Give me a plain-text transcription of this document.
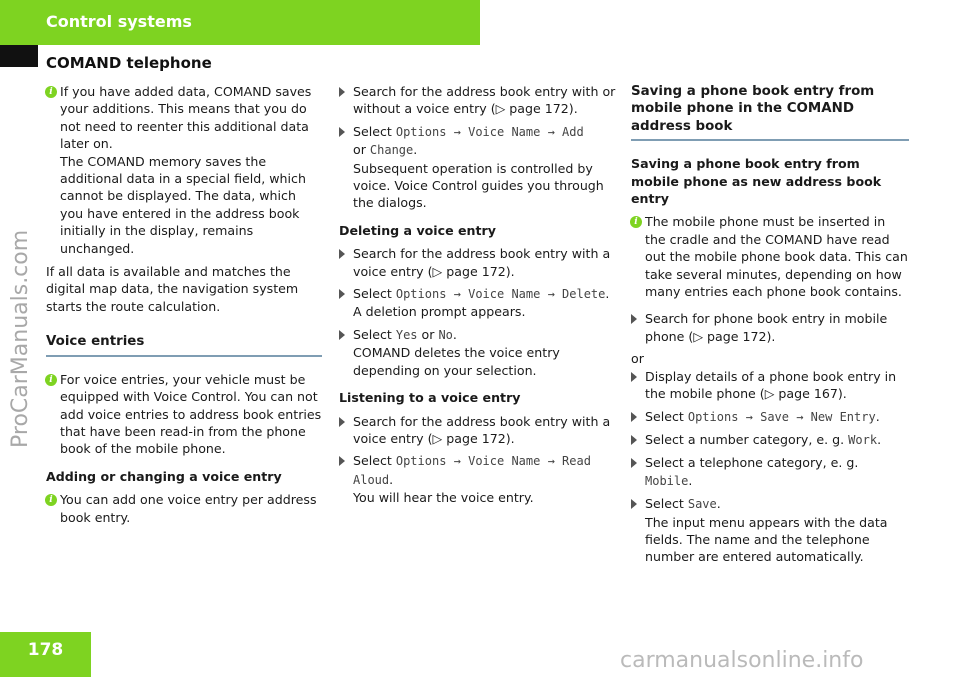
Control systems
COMAND telephone
i If you have added data, COMAND saves your additions. This means that you do not need to reenter this additional data later on.

The COMAND memory saves the additional data in a special field, which cannot be displayed. The data, which you have entered in the address book initially in the display, remains unchanged.

If all data is available and matches the digital map data, the navigation system starts the route calculation.

Voice entries
i For voice entries, your vehicle must be equipped with Voice Control. You can not add voice entries to address book entries that have been read-in from the phone book of the mobile phone.

Adding or changing a voice entry
i You can add one voice entry per address book entry.

Search for the address book entry with or without a voice entry (▷ page 172).

Select Options → Voice Name → Add

or Change.

Subsequent operation is controlled by voice. Voice Control guides you through the dialogs.

Deleting a voice entry

Search for the address book entry with a voice entry (▷ page 172).

Select Options → Voice Name → Delete.

A deletion prompt appears.

Select Yes or No.

COMAND deletes the voice entry depending on your selection.

Listening to a voice entry

Search for the address book entry with a voice entry (▷ page 172).

Select Options → Voice Name → Read Aloud.

You will hear the voice entry.

Saving a phone book entry from mobile phone in the COMAND address book
Saving a phone book entry from mobile phone as new address book entry
i The mobile phone must be inserted in the cradle and the COMAND have read out the mobile phone book data. This can take several minutes, depending on how many entries each phone book contains.

Search for phone book entry in mobile phone (▷ page 172).

or

Display details of a phone book entry in the mobile phone (▷ page 167).

Select Options → Save → New Entry.

Select a number category, e. g. Work.

Select a telephone category, e. g. Mobile.

Select Save.

The input menu appears with the data fields. The name and the telephone number are entered automatically.

178
ProCarManuals.com
carmanualsonline.info
